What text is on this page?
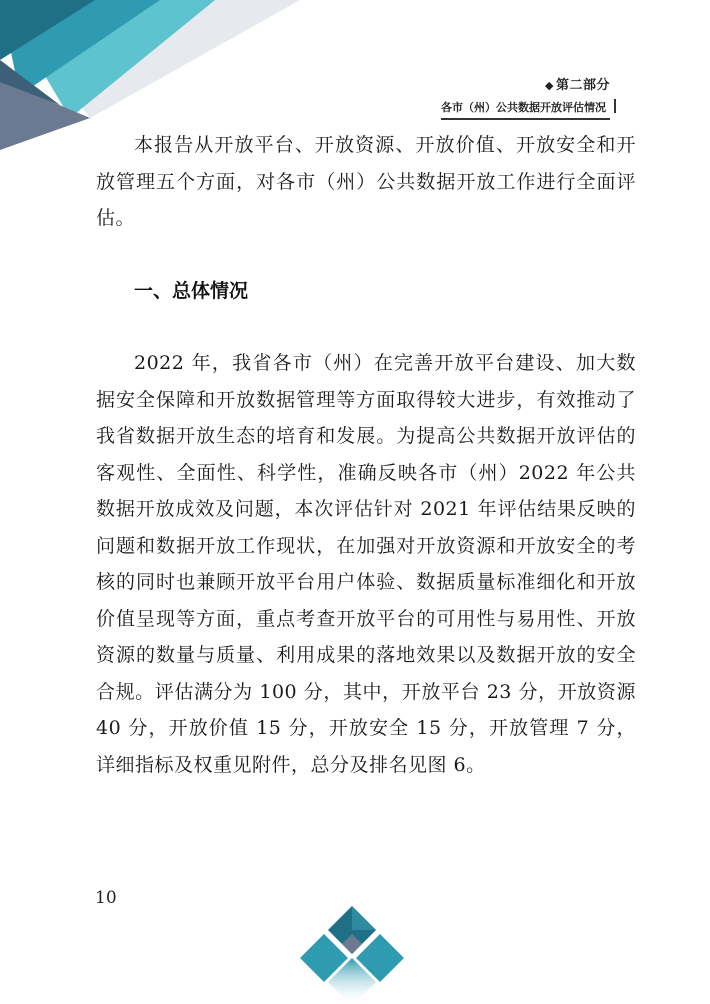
◆ 第二部分
各市（州）公共数据开放评估情况

本报告从开放平台、开放资源、开放价值、开放安全和开放管理五个方面，对各市（州）公共数据开放工作进行全面评估。

一、总体情况

2022 年，我省各市（州）在完善开放平台建设、加大数据安全保障和开放数据管理等方面取得较大进步，有效推动了我省数据开放生态的培育和发展。为提高公共数据开放评估的客观性、全面性、科学性，准确反映各市（州）2022 年公共数据开放成效及问题，本次评估针对 2021 年评估结果反映的问题和数据开放工作现状，在加强对开放资源和开放安全的考核的同时也兼顾开放平台用户体验、数据质量标准细化和开放价值呈现等方面，重点考查开放平台的可用性与易用性、开放资源的数量与质量、利用成果的落地效果以及数据开放的安全合规。评估满分为 100 分，其中，开放平台 23 分，开放资源 40 分，开放价值 15 分，开放安全 15 分，开放管理 7 分，详细指标及权重见附件，总分及排名见图 6。

10
